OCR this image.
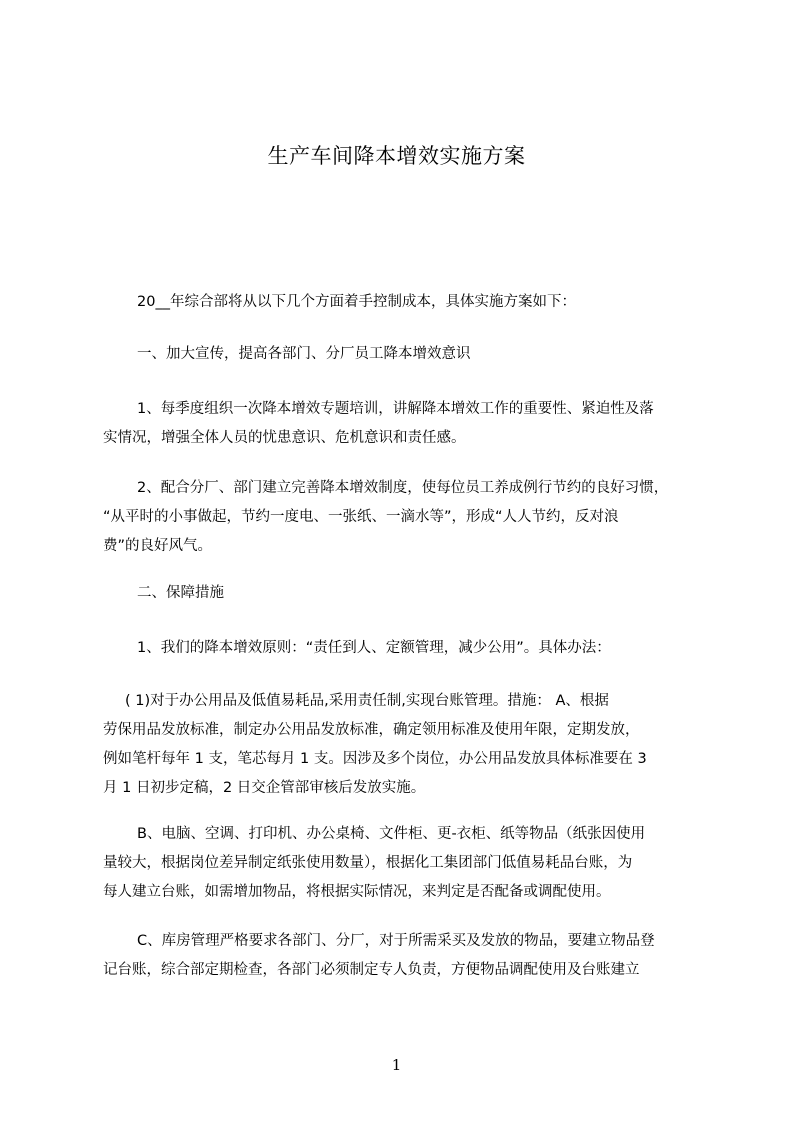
生产车间降本增效实施方案
20__年综合部将从以下几个方面着手控制成本，具体实施方案如下：
一、加大宣传，提高各部门、分厂员工降本增效意识
1、每季度组织一次降本增效专题培训，讲解降本增效工作的重要性、紧迫性及落
实情况，增强全体人员的忧患意识、危机意识和责任感。
2、配合分厂、部门建立完善降本增效制度，使每位员工养成例行节约的良好习惯，
“从平时的小事做起，节约一度电、一张纸、一滴水等”，形成“人人节约，反对浪
费”的良好风气。
二、保障措施
1、我们的降本增效原则：“责任到人、定额管理，减少公用”。具体办法：
( 1)对于办公用品及低值易耗品,采用责任制,实现台账管理。措施： A、根据
劳保用品发放标准，制定办公用品发放标准，确定领用标准及使用年限，定期发放，
例如笔杆每年 1 支，笔芯每月 1 支。因涉及多个岗位，办公用品发放具体标准要在 3
月 1 日初步定稿，2 日交企管部审核后发放实施。
B、电脑、空调、打印机、办公桌椅、文件柜、更-衣柜、纸等物品（纸张因使用
量较大，根据岗位差异制定纸张使用数量），根据化工集团部门低值易耗品台账，为
每人建立台账，如需增加物品，将根据实际情况，来判定是否配备或调配使用。
C、库房管理严格要求各部门、分厂，对于所需采买及发放的物品，要建立物品登
记台账，综合部定期检查，各部门必须制定专人负责，方便物品调配使用及台账建立
1
